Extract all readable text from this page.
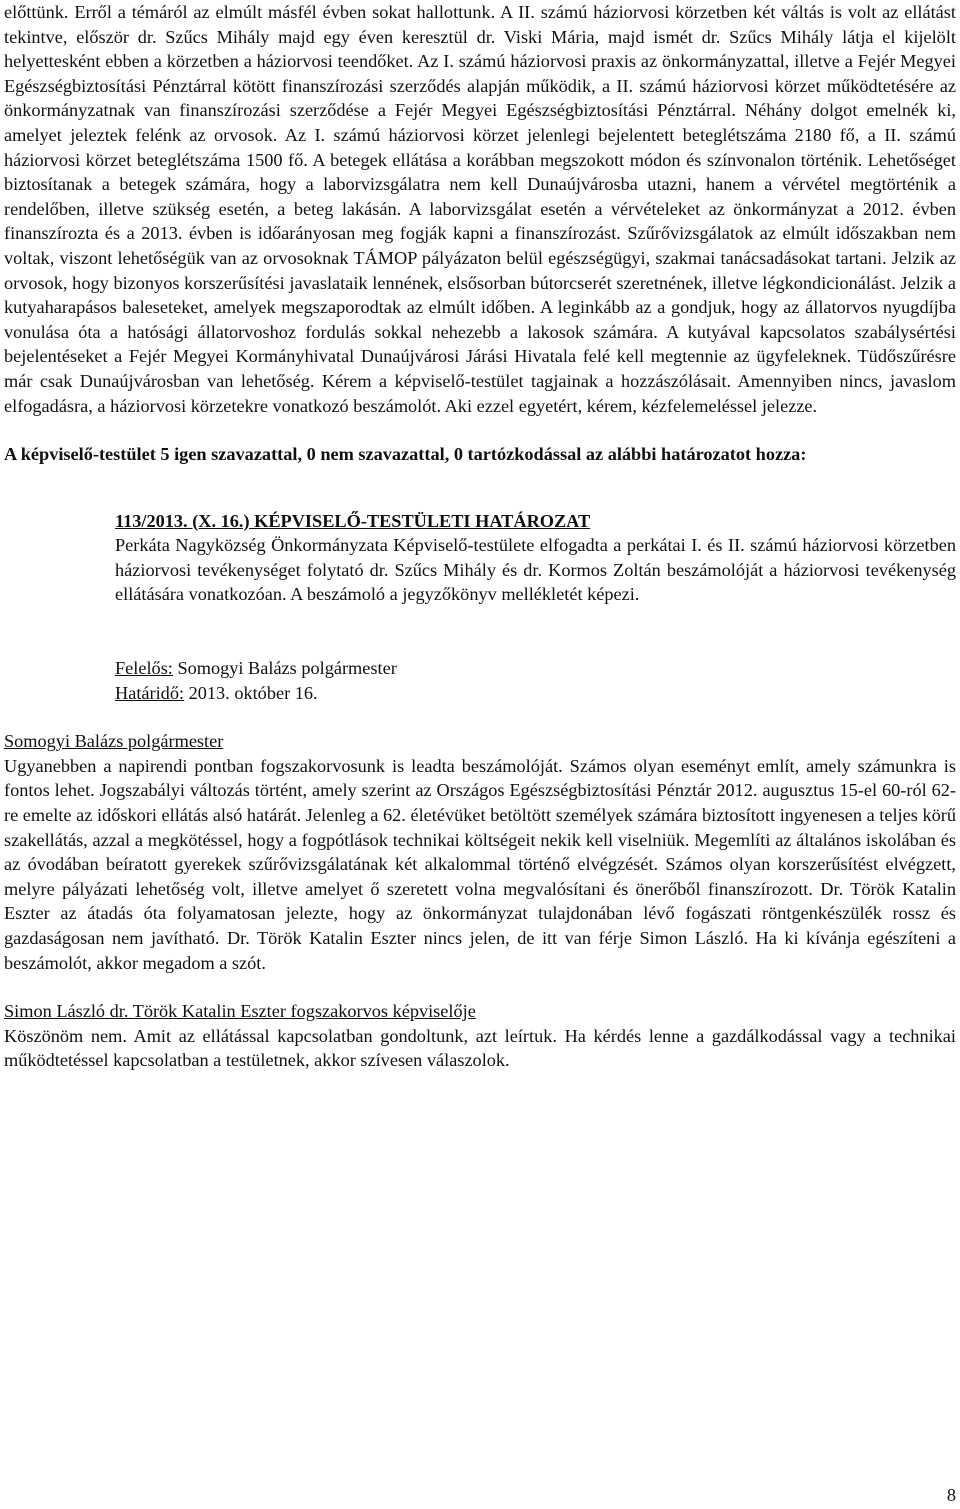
előttünk. Erről a témáról az elmúlt másfél évben sokat hallottunk. A II. számú háziorvosi körzetben két váltás is volt az ellátást tekintve, először dr. Szűcs Mihály majd egy éven keresztül dr. Viski Mária, majd ismét dr. Szűcs Mihály látja el kijelölt helyettesként ebben a körzetben a háziorvosi teendőket. Az I. számú háziorvosi praxis az önkormányzattal, illetve a Fejér Megyei Egészségbiztosítási Pénztárral kötött finanszírozási szerződés alapján működik, a II. számú háziorvosi körzet működtetésére az önkormányzatnak van finanszírozási szerződése a Fejér Megyei Egészségbiztosítási Pénztárral. Néhány dolgot emelnék ki, amelyet jeleztek felénk az orvosok. Az I. számú háziorvosi körzet jelenlegi bejelentett beteglétszáma 2180 fő, a II. számú háziorvosi körzet beteglétszáma 1500 fő. A betegek ellátása a korábban megszokott módon és színvonalon történik. Lehetőséget biztosítanak a betegek számára, hogy a laborvizsgálatra nem kell Dunaújvárosba utazni, hanem a vérvétel megtörténik a rendelőben, illetve szükség esetén, a beteg lakásán. A laborvizsgálat esetén a vérvételeket az önkormányzat a 2012. évben finanszírozta és a 2013. évben is időarányosan meg fogják kapni a finanszírozást. Szűrővizsgálatok az elmúlt időszakban nem voltak, viszont lehetőségük van az orvosoknak TÁMOP pályázaton belül egészségügyi, szakmai tanácsadásokat tartani. Jelzik az orvosok, hogy bizonyos korszerűsítési javaslataik lennének, elsősorban bútorcserét szeretnének, illetve légkondicionálást. Jelzik a kutyaharapásos baleseteket, amelyek megszaporodtak az elmúlt időben. A leginkább az a gondjuk, hogy az állatorvos nyugdíjba vonulása óta a hatósági állatorvoshoz fordulás sokkal nehezebb a lakosok számára. A kutyával kapcsolatos szabálysértési bejelentéseket a Fejér Megyei Kormányhivatal Dunaújvárosi Járási Hivatala felé kell megtennie az ügyfeleknek. Tüdőszűrésre már csak Dunaújvárosban van lehetőség. Kérem a képviselő-testület tagjainak a hozzászólásait. Amennyiben nincs, javaslom elfogadásra, a háziorvosi körzetekre vonatkozó beszámolót. Aki ezzel egyetért, kérem, kézfelemeléssel jelezze.

A képviselő-testület 5 igen szavazattal, 0 nem szavazattal, 0 tartózkodással az alábbi határozatot hozza:

113/2013. (X. 16.) KÉPVISELŐ-TESTÜLETI HATÁROZAT

Perkáta Nagyközség Önkormányzata Képviselő-testülete elfogadta a perkátai I. és II. számú háziorvosi körzetben háziorvosi tevékenységet folytató dr. Szűcs Mihály és dr. Kormos Zoltán beszámolóját a háziorvosi tevékenység ellátására vonatkozóan. A beszámoló a jegyzőkönyv mellékletét képezi.

Felelős: Somogyi Balázs polgármester

Határidő: 2013. október 16.

Somogyi Balázs polgármester

Ugyanebben a napirendi pontban fogszakorvosunk is leadta beszámolóját. Számos olyan eseményt említ, amely számunkra is fontos lehet. Jogszabályi változás történt, amely szerint az Országos Egészségbiztosítási Pénztár 2012. augusztus 15-el 60-ról 62-re emelte az időskori ellátás alsó határát. Jelenleg a 62. életévüket betöltött személyek számára biztosított ingyenesen a teljes körű szakellátás, azzal a megkötéssel, hogy a fogpótlások technikai költségeit nekik kell viselniük. Megemlíti az általános iskolában és az óvodában beíratott gyerekek szűrővizsgálatának két alkalommal történő elvégzését. Számos olyan korszerűsítést elvégzett, melyre pályázati lehetőség volt, illetve amelyet ő szeretett volna megvalósítani és önerőből finanszírozott. Dr. Török Katalin Eszter az átadás óta folyamatosan jelezte, hogy az önkormányzat tulajdonában lévő fogászati röntgenkészülék rossz és gazdaságosan nem javítható. Dr. Török Katalin Eszter nincs jelen, de itt van férje Simon László. Ha ki kívánja egészíteni a beszámolót, akkor megadom a szót.

Simon László dr. Török Katalin Eszter fogszakorvos képviselője

Köszönöm nem. Amit az ellátással kapcsolatban gondoltunk, azt leírtuk. Ha kérdés lenne a gazdálkodással vagy a technikai működtetéssel kapcsolatban a testületnek, akkor szívesen válaszolok.

8
